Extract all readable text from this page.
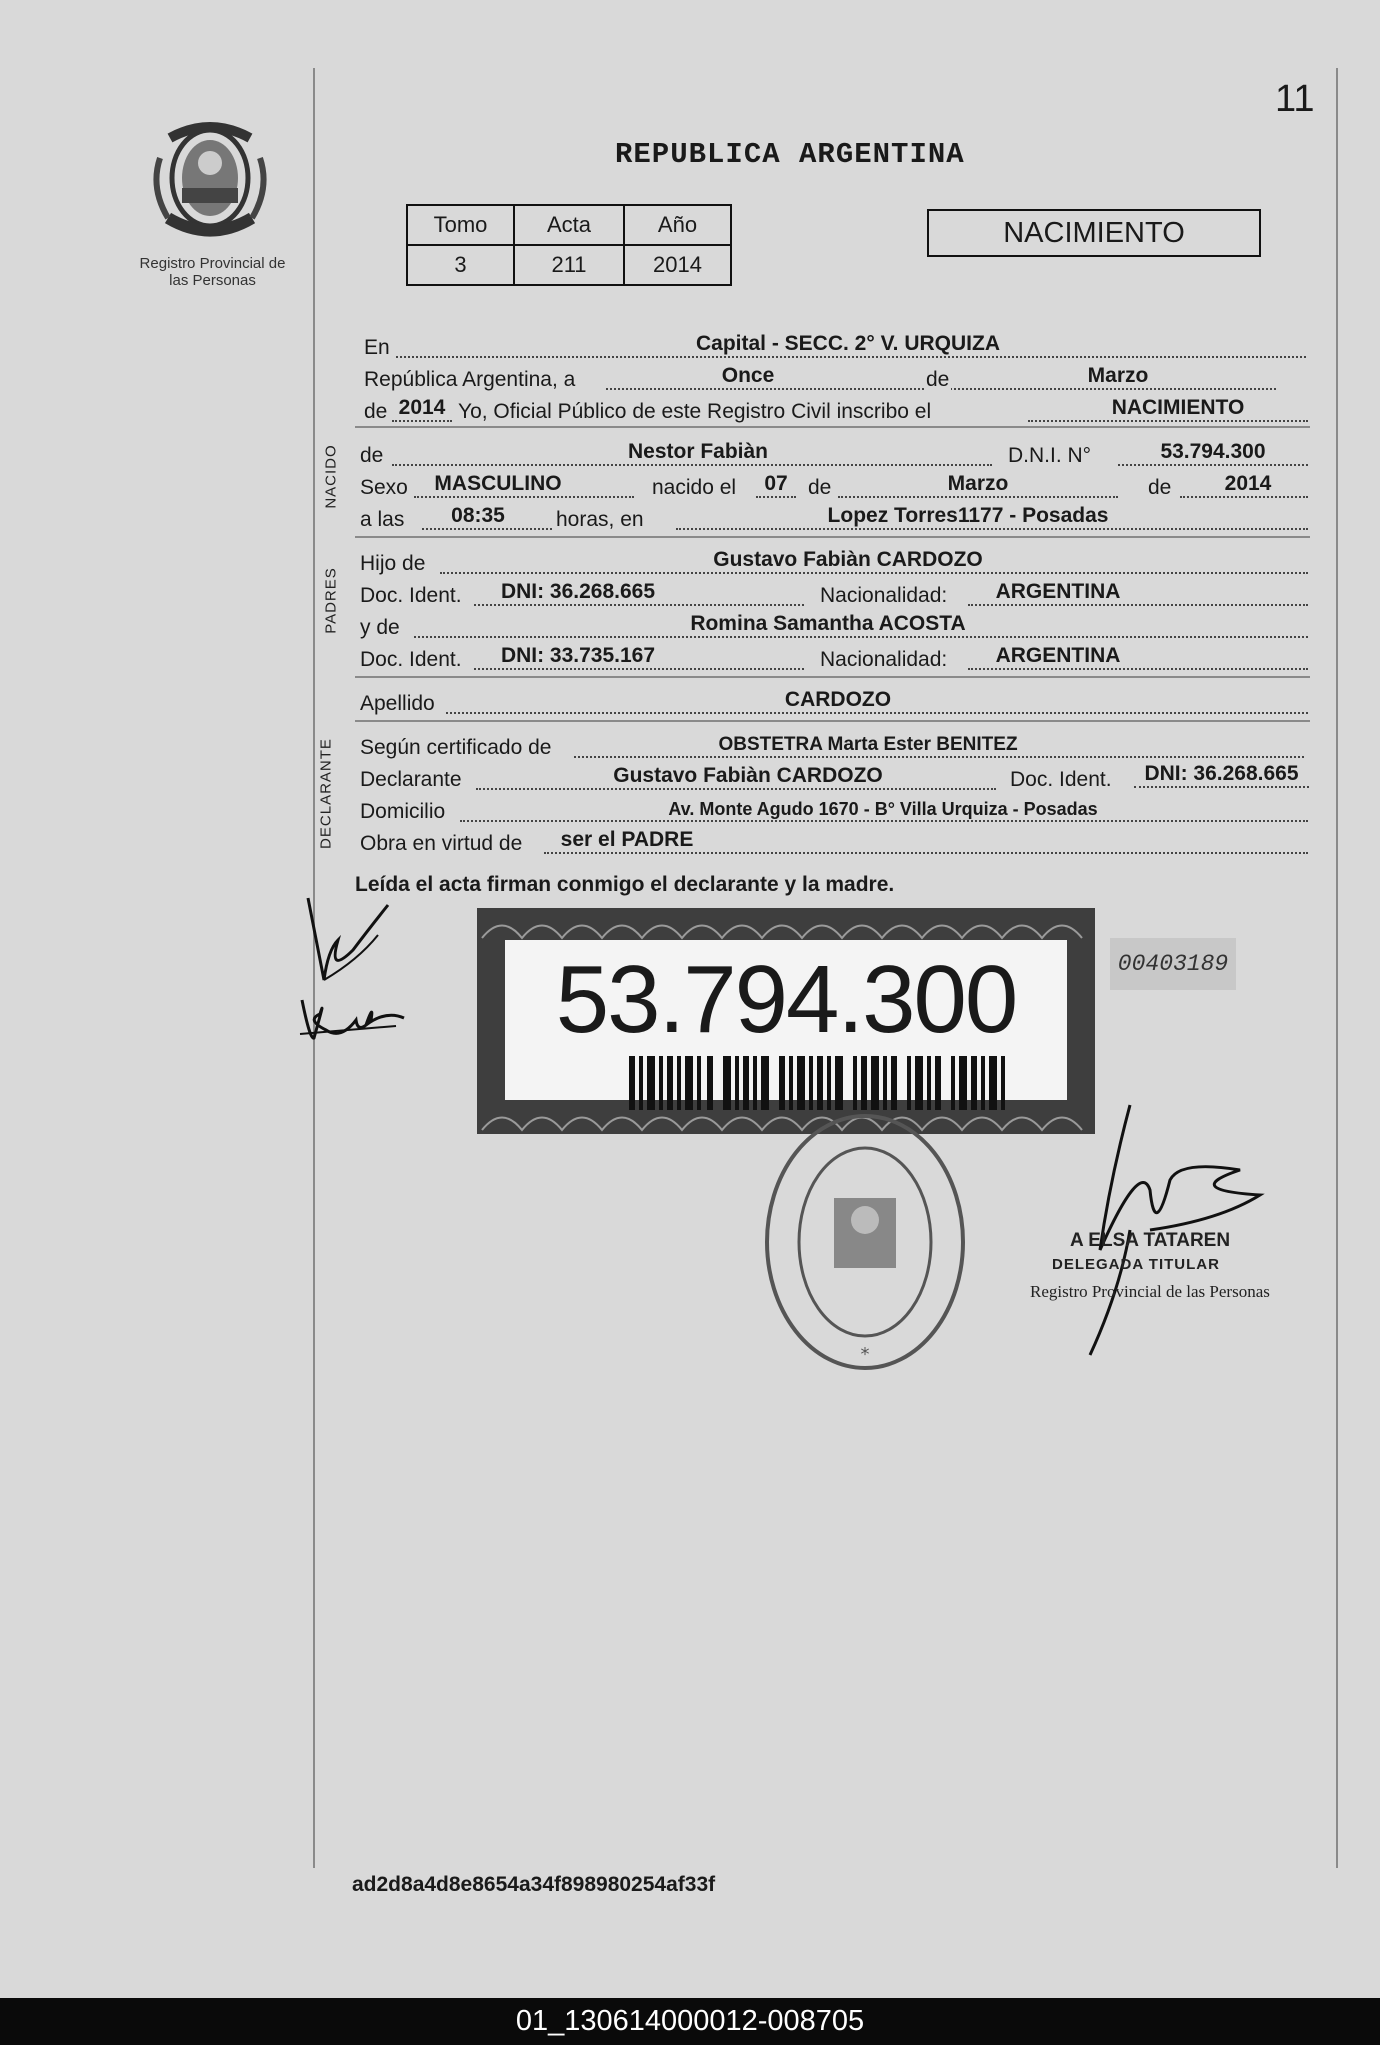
11
Registro Provincial de las Personas
REPUBLICA ARGENTINA
Tomo	Acta	Año
3	211	2014
NACIMIENTO
En	Capital - SECC. 2° V. URQUIZA
República Argentina, a	Once	de	Marzo
de 2014 Yo, Oficial Público de este Registro Civil inscribo el	NACIMIENTO
NACIDO de	Nestor Fabiàn	D.N.I. N°	53.794.300
Sexo	MASCULINO	nacido el	07 de	Marzo	de	2014
a las	08:35	horas, en	Lopez Torres1177 - Posadas
PADRES
Hijo de	Gustavo Fabiàn CARDOZO
Doc. Ident.	DNI: 36.268.665	Nacionalidad:	ARGENTINA
y de	Romina Samantha ACOSTA
Doc. Ident.	DNI: 33.735.167	Nacionalidad:	ARGENTINA
Apellido	CARDOZO
DECLARANTE Según certificado de	OBSTETRA Marta Ester BENITEZ
Declarante	Gustavo Fabiàn CARDOZO	Doc. Ident.	DNI: 36.268.665
Domicilio	Av. Monte Agudo 1670 - B° Villa Urquiza - Posadas
Obra en virtud de	ser el PADRE
Leída el acta firman conmigo el declarante y la madre.
53.794.300	00403189
*
A ELSA TATAREN
DELEGADA TITULAR
Registro Provincial de las Personas
ad2d8a4d8e8654a34f898980254af33f
01_130614000012-008705
